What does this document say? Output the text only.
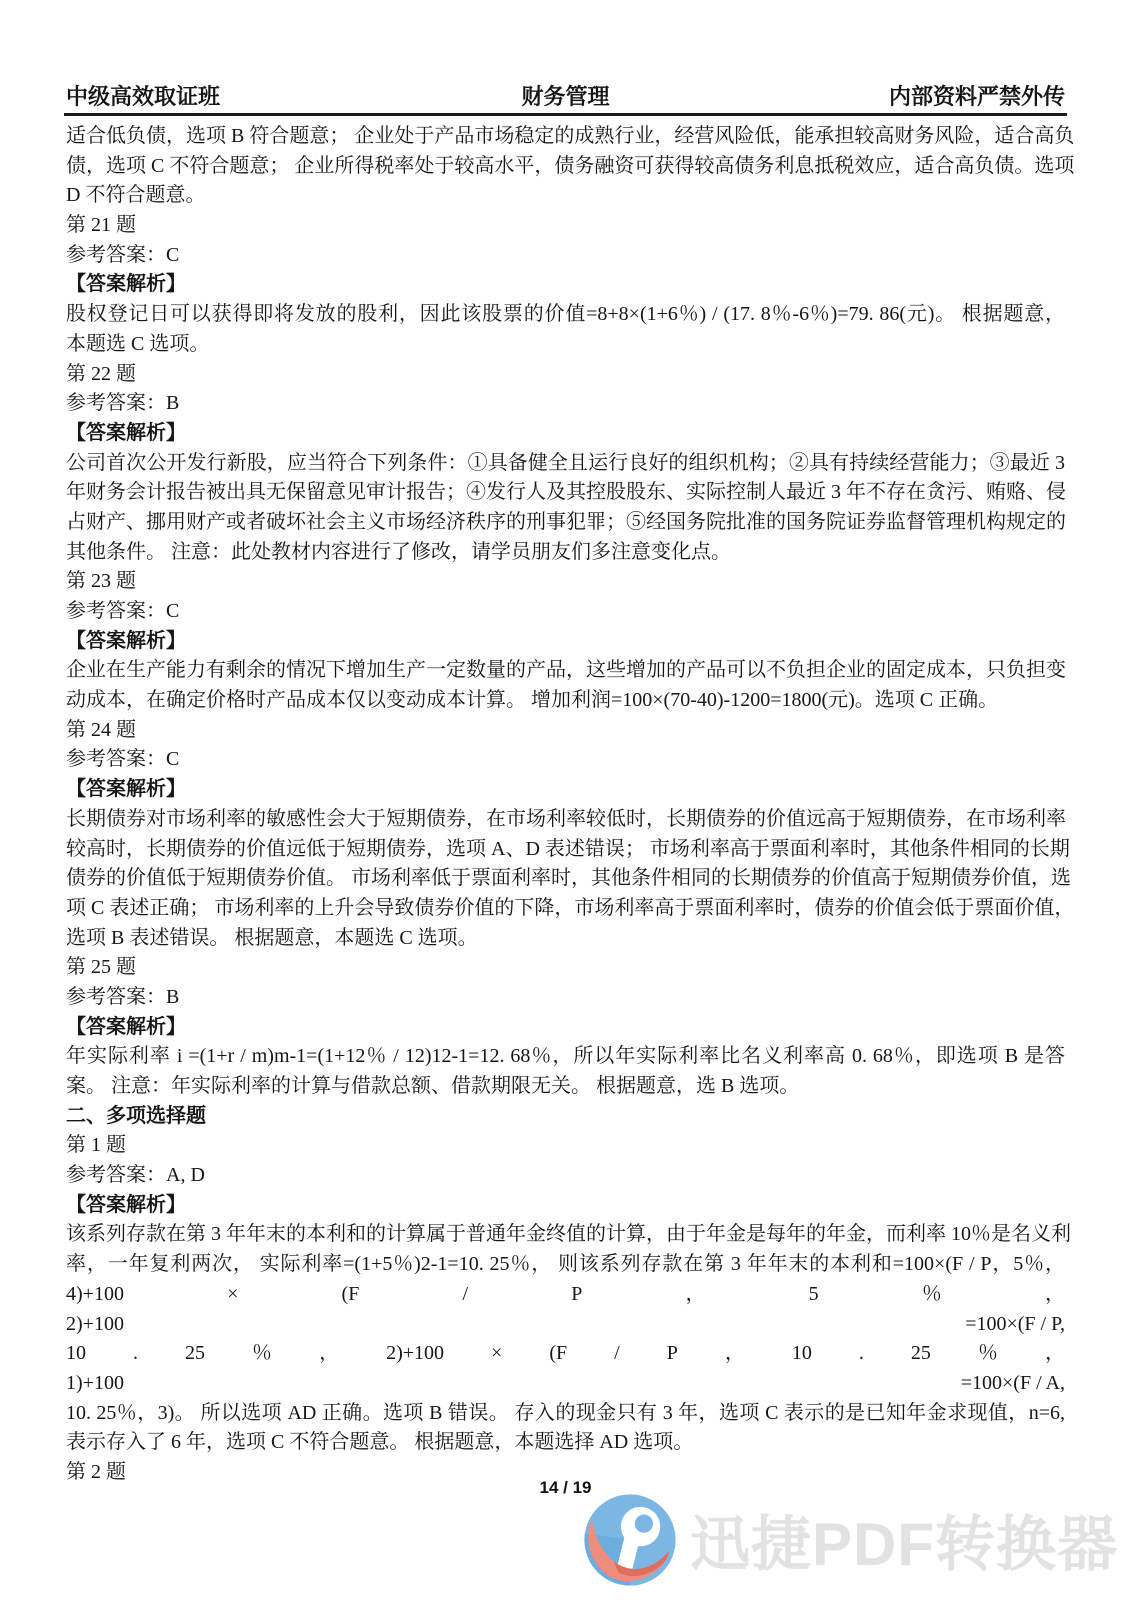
中级高效取证班	财务管理	内部资料严禁外传
适合低负债，选项 B 符合题意； 企业处于产品市场稳定的成熟行业，经营风险低，能承担较高财务风险，适合高负
债，选项 C 不符合题意； 企业所得税率处于较高水平，债务融资可获得较高债务利息抵税效应，适合高负债。选项
D 不符合题意。
第 21 题
参考答案：C
【答案解析】
股权登记日可以获得即将发放的股利，因此该股票的价值=8+8×(1+6％) / (17. 8％-6％)=79. 86(元)。 根据题意，
本题选 C 选项。
第 22 题
参考答案：B
【答案解析】
公司首次公开发行新股，应当符合下列条件：①具备健全且运行良好的组织机构；②具有持续经营能力；③最近 3
年财务会计报告被出具无保留意见审计报告；④发行人及其控股股东、实际控制人最近 3 年不存在贪污、贿赂、侵
占财产、挪用财产或者破坏社会主义市场经济秩序的刑事犯罪；⑤经国务院批准的国务院证券监督管理机构规定的
其他条件。 注意：此处教材内容进行了修改，请学员朋友们多注意变化点。
第 23 题
参考答案：C
【答案解析】
企业在生产能力有剩余的情况下增加生产一定数量的产品，这些增加的产品可以不负担企业的固定成本，只负担变
动成本，在确定价格时产品成本仅以变动成本计算。 增加利润=100×(70-40)-1200=1800(元)。选项 C 正确。
第 24 题
参考答案：C
【答案解析】
长期债券对市场利率的敏感性会大于短期债券，在市场利率较低时，长期债券的价值远高于短期债券，在市场利率
较高时，长期债券的价值远低于短期债券，选项 A、D 表述错误； 市场利率高于票面利率时，其他条件相同的长期
债券的价值低于短期债券价值。 市场利率低于票面利率时，其他条件相同的长期债券的价值高于短期债券价值，选
项 C 表述正确； 市场利率的上升会导致债券价值的下降，市场利率高于票面利率时，债券的价值会低于票面价值，
选项 B 表述错误。 根据题意，本题选 C 选项。
第 25 题
参考答案：B
【答案解析】
年实际利率 i =(1+r / m)m-1=(1+12％ / 12)12-1=12. 68％，所以年实际利率比名义利率高 0. 68％，即选项 B 是答
案。 注意：年实际利率的计算与借款总额、借款期限无关。 根据题意，选 B 选项。
二、多项选择题
第 1 题
参考答案：A, D
【答案解析】
该系列存款在第 3 年年末的本利和的计算属于普通年金终值的计算，由于年金是每年的年金，而利率 10％是名义利
率，一年复利两次， 实际利率=(1+5％)2-1=10. 25％， 则该系列存款在第 3 年年末的本利和=100×(F / P，5％，
4)+100	×	(F	/	P	，	5	％	，
2)+100	=100×(F / P,
10 . 25 ％ ， 2)+100 × (F / P ， 10 . 25 ％ ，
1)+100	=100×(F / A,
10. 25％，3)。 所以选项 AD 正确。选项 B 错误。 存入的现金只有 3 年，选项 C 表示的是已知年金求现值，n=6,
表示存入了 6 年，选项 C 不符合题意。 根据题意，本题选择 AD 选项。
第 2 题
14 / 19
迅捷PDF转换器
